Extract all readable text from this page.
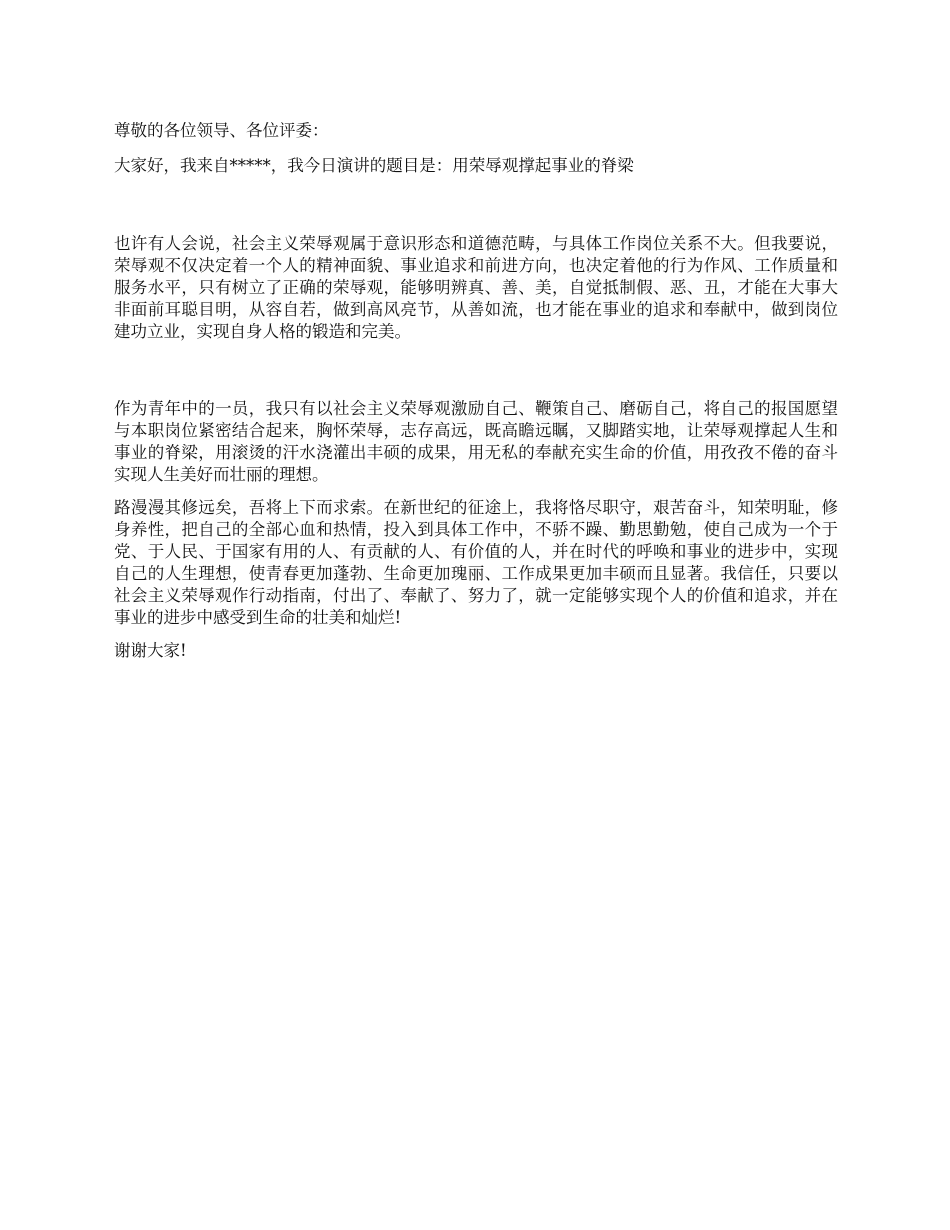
尊敬的各位领导、各位评委：

大家好，我来自*****，我今日演讲的题目是：用荣辱观撑起事业的脊梁

也许有人会说，社会主义荣辱观属于意识形态和道德范畴，与具体工作岗位关系不大。但我要说，荣辱观不仅决定着一个人的精神面貌、事业追求和前进方向，也决定着他的行为作风、工作质量和服务水平，只有树立了正确的荣辱观，能够明辨真、善、美，自觉抵制假、恶、丑，才能在大事大非面前耳聪目明，从容自若，做到高风亮节，从善如流，也才能在事业的追求和奉献中，做到岗位建功立业，实现自身人格的锻造和完美。

作为青年中的一员，我只有以社会主义荣辱观激励自己、鞭策自己、磨砺自己，将自己的报国愿望与本职岗位紧密结合起来，胸怀荣辱，志存高远，既高瞻远瞩，又脚踏实地，让荣辱观撑起人生和事业的脊梁，用滚烫的汗水浇灌出丰硕的成果，用无私的奉献充实生命的价值，用孜孜不倦的奋斗实现人生美好而壮丽的理想。

路漫漫其修远矣，吾将上下而求索。在新世纪的征途上，我将恪尽职守，艰苦奋斗，知荣明耻，修身养性，把自己的全部心血和热情，投入到具体工作中，不骄不躁、勤思勤勉，使自己成为一个于党、于人民、于国家有用的人、有贡献的人、有价值的人，并在时代的呼唤和事业的进步中，实现自己的人生理想，使青春更加蓬勃、生命更加瑰丽、工作成果更加丰硕而且显著。我信任，只要以社会主义荣辱观作行动指南，付出了、奉献了、努力了，就一定能够实现个人的价值和追求，并在事业的进步中感受到生命的壮美和灿烂!

谢谢大家!
